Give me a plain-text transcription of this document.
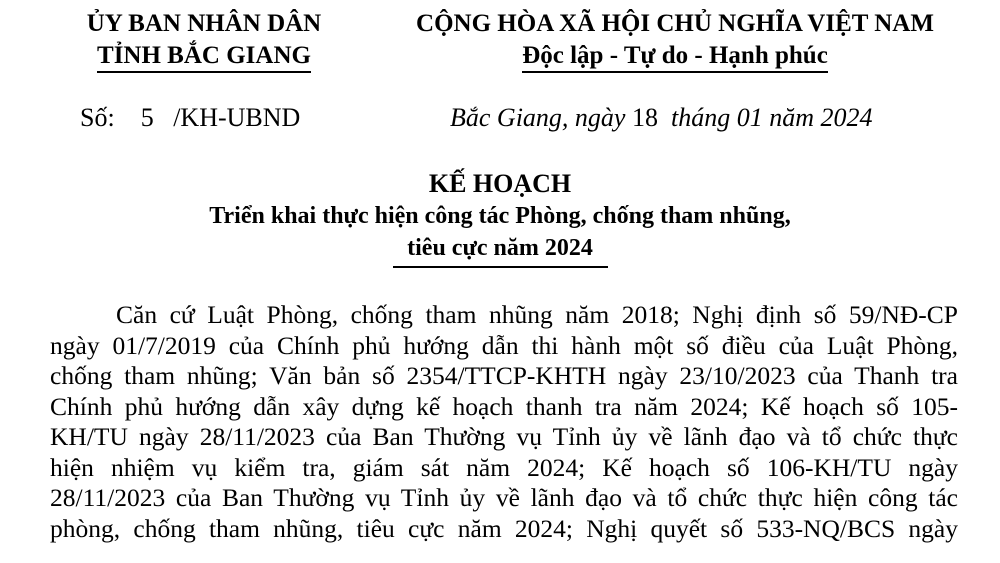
ỦY BAN NHÂN DÂN
TỈNH BẮC GIANG
CỘNG HÒA XÃ HỘI CHỦ NGHĨA VIỆT NAM
Độc lập - Tự do - Hạnh phúc
Số: 5 /KH-UBND	Bắc Giang, ngày 18 tháng 01 năm 2024
KẾ HOẠCH
Triển khai thực hiện công tác Phòng, chống tham nhũng,
tiêu cực năm 2024
Căn cứ Luật Phòng, chống tham nhũng năm 2018; Nghị định số 59/NĐ-CP
ngày 01/7/2019 của Chính phủ hướng dẫn thi hành một số điều của Luật Phòng,
chống tham nhũng; Văn bản số 2354/TTCP-KHTH ngày 23/10/2023 của Thanh tra
Chính phủ hướng dẫn xây dựng kế hoạch thanh tra năm 2024; Kế hoạch số 105-
KH/TU ngày 28/11/2023 của Ban Thường vụ Tỉnh ủy về lãnh đạo và tổ chức thực
hiện nhiệm vụ kiểm tra, giám sát năm 2024; Kế hoạch số 106-KH/TU ngày
28/11/2023 của Ban Thường vụ Tỉnh ủy về lãnh đạo và tổ chức thực hiện công tác
phòng, chống tham nhũng, tiêu cực năm 2024; Nghị quyết số 533-NQ/BCS ngày
